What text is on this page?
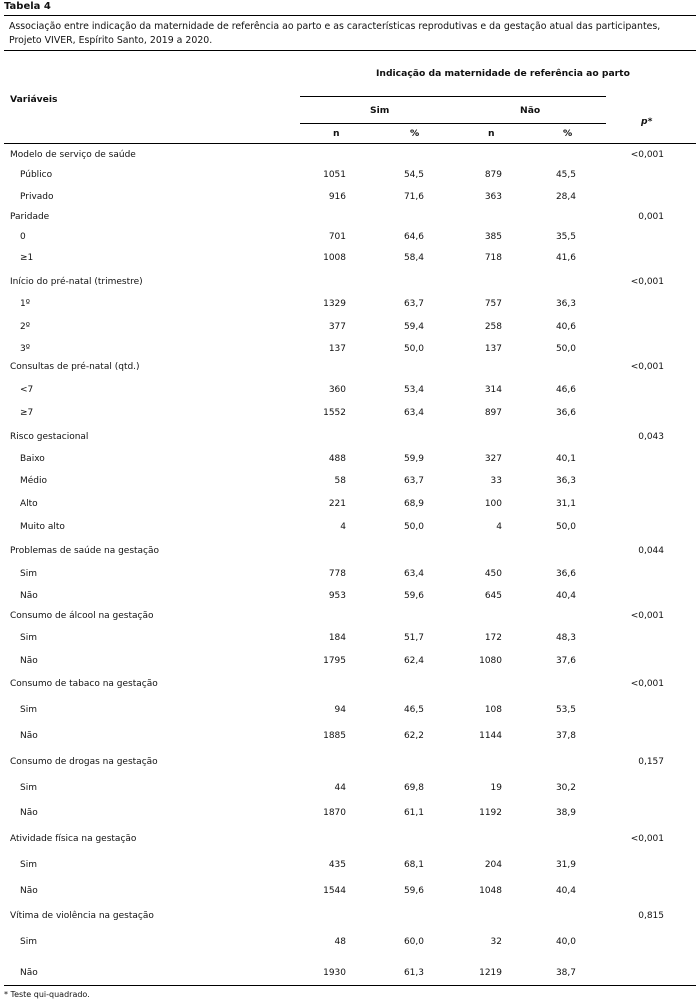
Tabela 4
Associação entre indicação da maternidade de referência ao parto e as características reprodutivas e da gestação atual das participantes, Projeto VIVER, Espírito Santo, 2019 a 2020.
Indicação da maternidade de referência ao parto
Variáveis
Sim	Não
p*
n	%	n	%
Modelo de serviço de saúde	<0,001
Público	1051	54,5	879	45,5
Privado	916	71,6	363	28,4
Paridade	0,001
0	701	64,6	385	35,5
≥1	1008	58,4	718	41,6
Início do pré-natal (trimestre)	<0,001
1º	1329	63,7	757	36,3
2º	377	59,4	258	40,6
3º	137	50,0	137	50,0
Consultas de pré-natal (qtd.)	<0,001
<7	360	53,4	314	46,6
≥7	1552	63,4	897	36,6
Risco gestacional	0,043
Baixo	488	59,9	327	40,1
Médio	58	63,7	33	36,3
Alto	221	68,9	100	31,1
Muito alto	4	50,0	4	50,0
Problemas de saúde na gestação	0,044
Sim	778	63,4	450	36,6
Não	953	59,6	645	40,4
Consumo de álcool na gestação	<0,001
Sim	184	51,7	172	48,3
Não	1795	62,4	1080	37,6
Consumo de tabaco na gestação	<0,001
Sim	94	46,5	108	53,5
Não	1885	62,2	1144	37,8
Consumo de drogas na gestação	0,157
Sim	44	69,8	19	30,2
Não	1870	61,1	1192	38,9
Atividade física na gestação	<0,001
Sim	435	68,1	204	31,9
Não	1544	59,6	1048	40,4
Vítima de violência na gestação	0,815
Sim	48	60,0	32	40,0
Não	1930	61,3	1219	38,7
* Teste qui-quadrado.
